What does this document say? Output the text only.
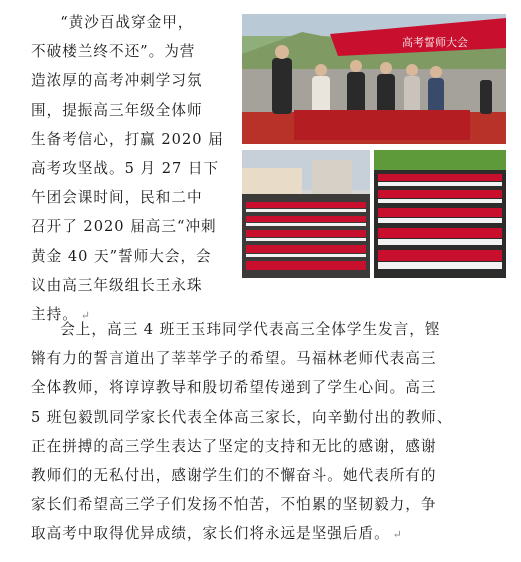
“黄沙百战穿金甲，

不破楼兰终不还”。为营

造浓厚的高考冲刺学习氛

围，提振高三年级全体师

生备考信心，打赢 2020 届

高考攻坚战。5 月 27 日下

午团会课时间，民和二中

召开了 2020 届高三“冲刺

黄金 40 天”誓师大会，会

议由高三年级组长王永珠

主持。 ↵

高考誓师大会

会上，高三 4 班王玉玮同学代表高三全体学生发言，铿

锵有力的誓言道出了莘莘学子的希望。马福林老师代表高三

全体教师，将谆谆教导和殷切希望传递到了学生心间。高三

5 班包毅凯同学家长代表全体高三家长，向辛勤付出的教师、

正在拼搏的高三学生表达了坚定的支持和无比的感谢，感谢

教师们的无私付出，感谢学生们的不懈奋斗。她代表所有的

家长们希望高三学子们发扬不怕苦，不怕累的坚韧毅力，争

取高考中取得优异成绩，家长们将永远是坚强后盾。 ↵
